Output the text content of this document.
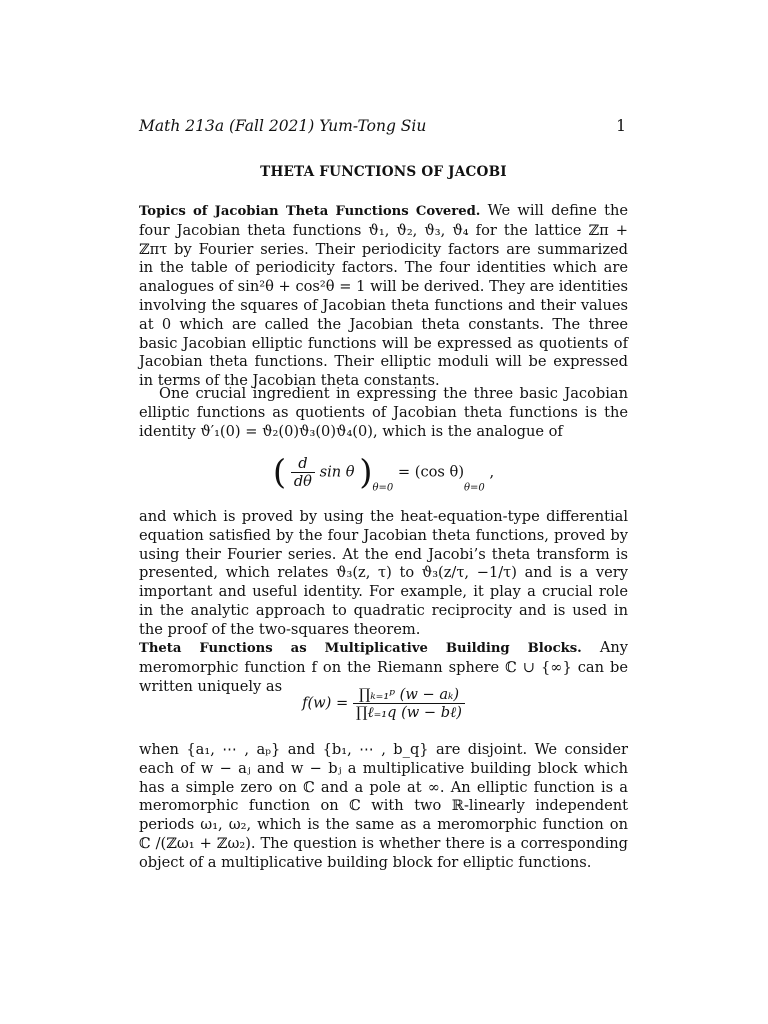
Math 213a (Fall 2021) Yum-Tong Siu	1
THETA FUNCTIONS OF JACOBI

Topics of Jacobian Theta Functions Covered. We will define the four Jacobian theta functions ϑ₁, ϑ₂, ϑ₃, ϑ₄ for the lattice ℤπ + ℤπτ by Fourier series. Their periodicity factors are summarized in the table of periodicity factors. The four identities which are analogues of sin²θ + cos²θ = 1 will be derived. They are identities involving the squares of Jacobian theta functions and their values at 0 which are called the Jacobian theta constants. The three basic Jacobian elliptic functions will be expressed as quotients of Jacobian theta functions. Their elliptic moduli will be expressed in terms of the Jacobian theta constants.

One crucial ingredient in expressing the three basic Jacobian elliptic functions as quotients of Jacobian theta functions is the identity ϑ′₁(0) = ϑ₂(0)ϑ₃(0)ϑ₄(0), which is the analogue of

( $\frac{d}{d\theta}$ sin θ )$_{\theta=0} = (\cos$ $\theta)_{\theta=0}$ ,

and which is proved by using the heat-equation-type differential equation satisfied by the four Jacobian theta functions, proved by using their Fourier series. At the end Jacobi’s theta transform is presented, which relates ϑ₃(z, τ) to ϑ₃(z/τ, −1/τ) and is a very important and useful identity. For example, it play a crucial role in the analytic approach to quadratic reciprocity and is used in the proof of the two-squares theorem.

Theta Functions as Multiplicative Building Blocks. Any meromorphic function f on the Riemann sphere ℂ ∪ {∞} can be written uniquely as

$f(w) = \frac{\text{∏ₖ₌₁ᵖ (w − aₖ)}}{\text{∏ℓ₌₁q (w − bℓ)}}$

when {a₁, ⋯ , aₚ} and {b₁, ⋯ , b_q} are disjoint. We consider each of w − aⱼ and w − bⱼ a multiplicative building block which has a simple zero on ℂ and a pole at ∞. An elliptic function is a meromorphic function on ℂ with two ℝ-linearly independent periods ω₁, ω₂, which is the same as a meromorphic function on ℂ /(ℤω₁ + ℤω₂). The question is whether there is a corresponding object of a multiplicative building block for elliptic functions.
